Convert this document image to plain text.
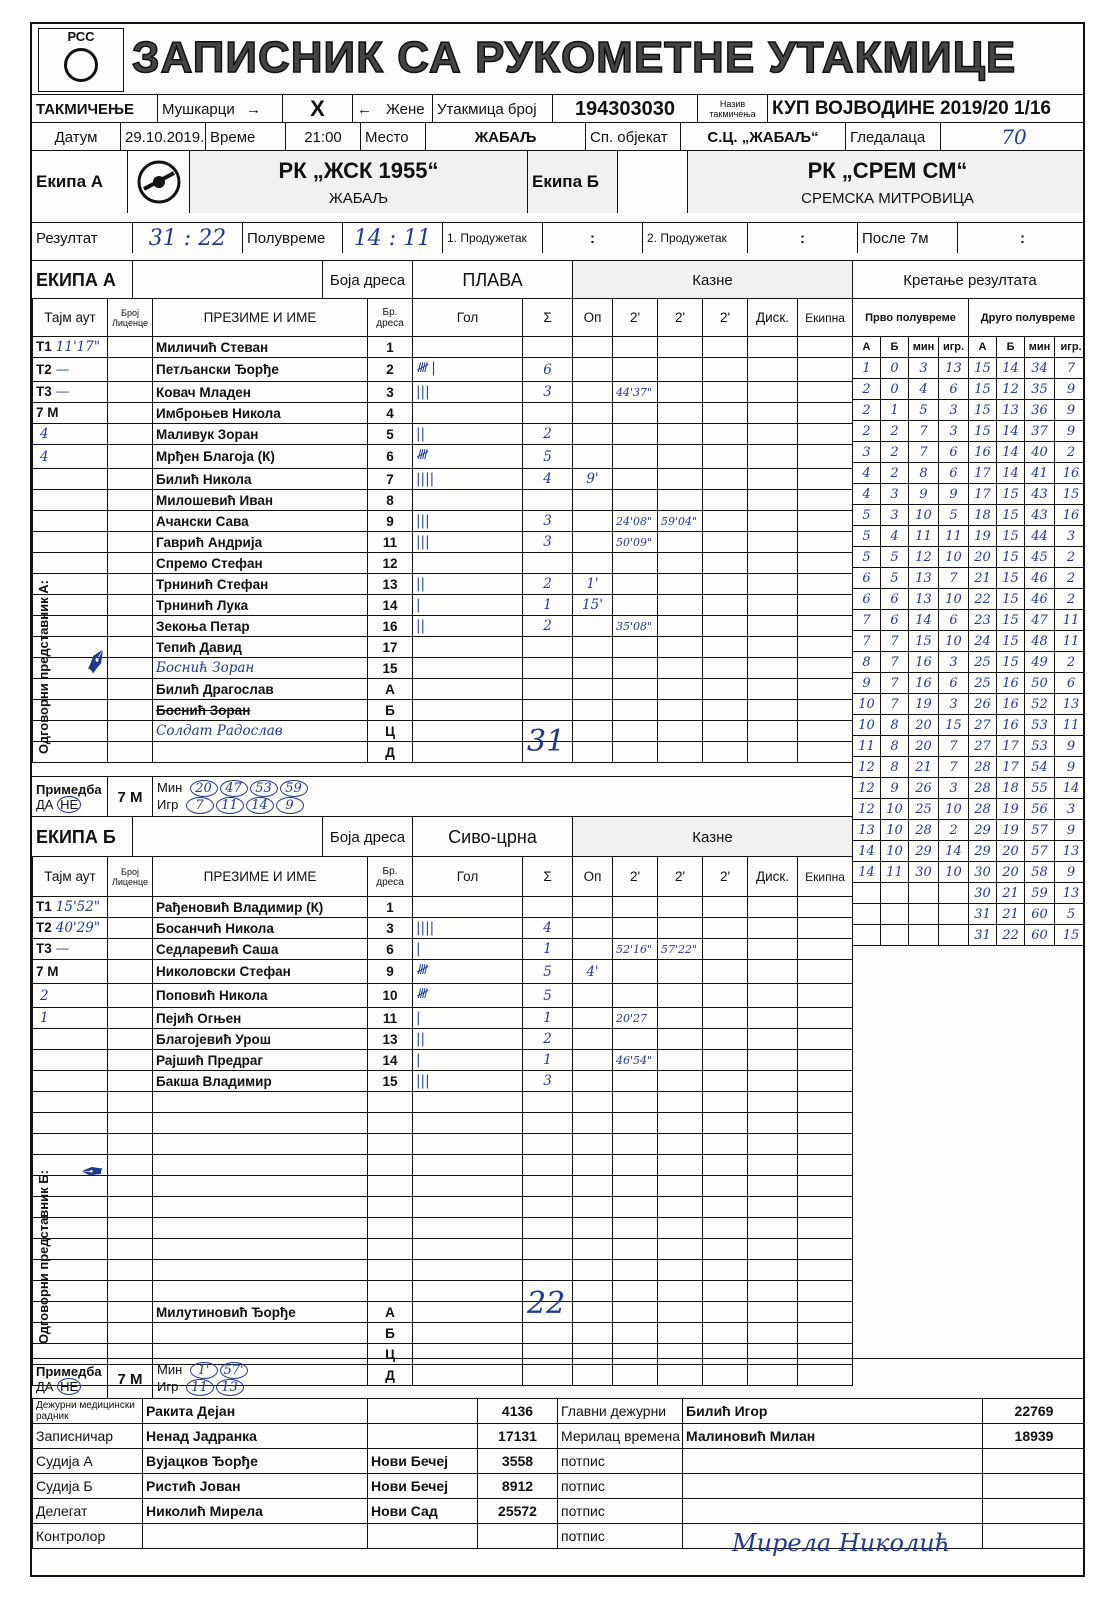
РСС ЗАПИСНИК СА РУКОМЕТНЕ УТАКМИЦЕ
ТАКМИЧЕЊЕ	Мушкарци →	X	← Жене Утакмица број	194303030	Назив такмичења КУП ВОЈВОДИНЕ 2019/20 1/16
Датум	29.10.2019. Време	21:00	Место	ЖАБАЉ	Сп. објекат	С.Ц. „ЖАБАЉ“	Гледалаца	70
Екипа А	РК „ЖСК 1955“
ЖАБАЉ
Екипа Б	РК „СРЕМ СМ“
СРЕМСКА МИТРОВИЦА
Резултат	31 : 22	Полувреме	14 : 11	1. Продужетак	:	2. Продужетак	:	После 7м	:
ЕКИПА А	Боја дреса	ПЛАВА	Казне	Кретање резултата
Тајм аут	Број Лиценце	ПРЕЗИМЕ И ИМЕ	Бр. дреса	Гол	Σ	Оп	2'	2'	2'	Диск.	Екипна
T1 11'17"		Миличић Стеван	1								
T2 —		Петљански Ђорђе	2	𝍸 |	6						
T3 —		Ковач Младен	3	|||	3		44'37"				
7 M		Имброњев Никола	4								
4		Маливук Зоран	5	||	2						
4		Мрђен Благоја (К)	6	𝍸	5						
		Билић Никола	7	||||	4	9'					
		Милошевић Иван	8								
		Ачански Сава	9	|||	3		24'08"	59'04"			
		Гаврић Андрија	11	|||	3		50'09"				
		Спремо Стефан	12								
		Трнинић Стефан	13	||	2	1'					
		Трнинић Лука	14	|	1	15'					
		Зекоња Петар	16	||	2		35'08"				
		Тепић Давид	17								
		Боснић Зоран	15								
		Билић Драгослав	А								
		Боснић Зоран	Б								
		Солдат Радослав	Ц								
			Д								
Прво полувреме				Друго полувреме			
А	Б	мин	игр.	А	Б	мин	игр.
1	0	3	13	15	14	34	7
2	0	4	6	15	12	35	9
2	1	5	3	15	13	36	9
2	2	7	3	15	14	37	9
3	2	7	6	16	14	40	2
4	2	8	6	17	14	41	16
4	3	9	9	17	15	43	15
5	3	10	5	18	15	43	16
5	4	11	11	19	15	44	3
5	5	12	10	20	15	45	2
6	5	13	7	21	15	46	2
6	6	13	10	22	15	46	2
7	6	14	6	23	15	47	11
7	7	15	10	24	15	48	11
8	7	16	3	25	15	49	2
9	7	16	6	25	16	50	6
10	7	19	3	26	16	52	13
10	8	20	15	27	16	53	11
11	8	20	7	27	17	53	9
12	8	21	7	28	17	54	9
12	9	26	3	28	18	55	14
12	10	25	10	28	19	56	3
13	10	28	2	29	19	57	9
14	10	29	14	29	20	57	13
14	11	30	10	30	20	58	9
				30	21	59	13
				31	21	60	5
				31	22	60	15
Одговорни представник А: ✒
31
Примедба
ДА НЕ	7 М
Мин 20 47 53 59
Игр 7 11 14 9
ЕКИПА Б	Боја дреса	Сиво-црна	Казне
Тајм аут	Број Лиценце	ПРЕЗИМЕ И ИМЕ	Бр. дреса	Гол	Σ	Оп	2'	2'	2'	Диск.	Екипна
T1 15'52"		Рађеновић Владимир (К)	1								
T2 40'29"		Босанчић Никола	3	||||	4						
T3 —		Седларевић Саша	6	|	1		52'16"	57'22"			
7 M		Николовски Стефан	9	𝍸	5	4'					
2		Поповић Никола	10	𝍸	5						
1		Пејић Огњен	11	|	1		20'27				
		Благојевић Урош	13	||	2						
		Рајшић Предраг	14	|	1		46'54"				
		Бакша Владимир	15	|||	3						

		Милутиновић Ђорђе	А								
			Б								
			Ц								
			Д								
Одговорни представник Б: ✒
22
Примедба
ДА НЕ	7 М
Мин 1' 57'
Игр 11 13
Дежурни медицински радник	Ракита Дејан		4136	Главни дежурни	Билић Игор	22769
Записничар	Ненад Јадранка		17131	Мерилац времена	Малиновић Милан	18939
Судија А	Вујацков Ђорђе	Нови Бечеј	3558	потпис		
Судија Б	Ристић Јован	Нови Бечеј	8912	потпис		
Делегат	Николић Мирела	Нови Сад	25572	потпис		
Контролор				потпис			Мирела Николић
